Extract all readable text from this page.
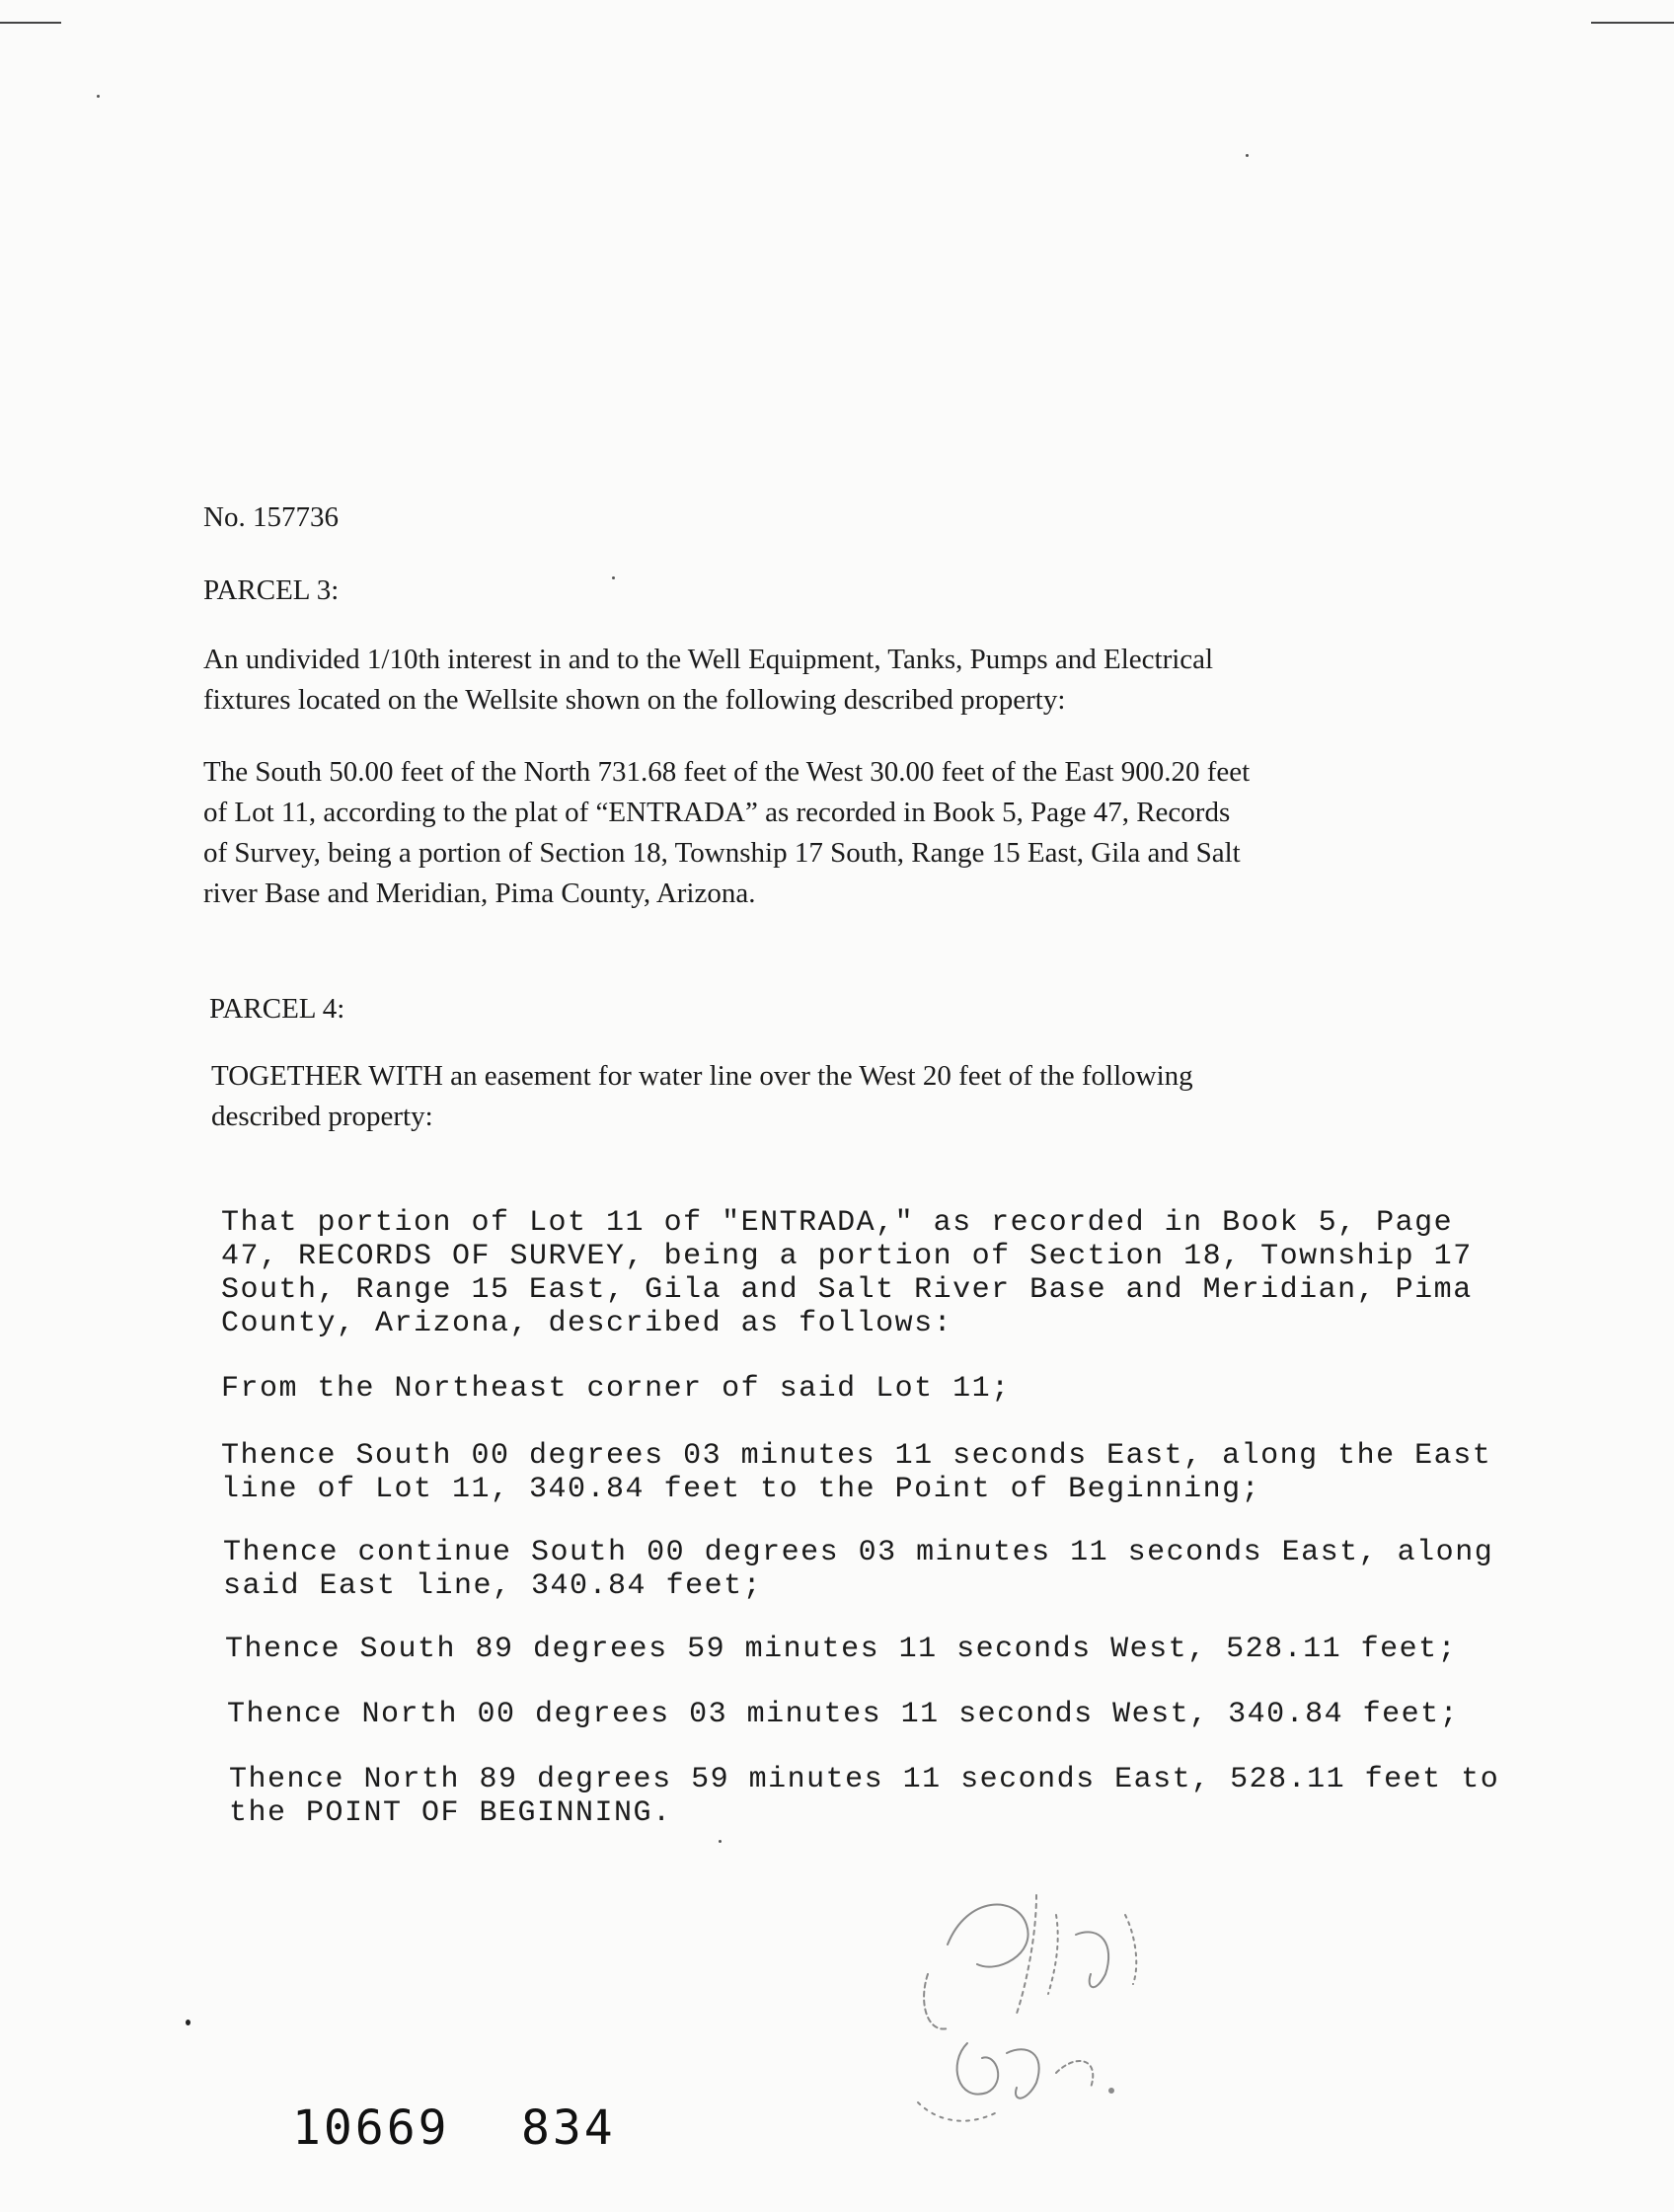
No. 157736
PARCEL 3:
An undivided 1/10th interest in and to the Well Equipment, Tanks, Pumps and Electrical
fixtures located on the Wellsite shown on the following described property:
The South 50.00 feet of the North 731.68 feet of the West 30.00 feet of the East 900.20 feet
of Lot 11, according to the plat of “ENTRADA” as recorded in Book 5, Page 47, Records
of Survey, being a portion of Section 18, Township 17 South, Range 15 East, Gila and Salt
river Base and Meridian, Pima County, Arizona.
PARCEL 4:
TOGETHER WITH an easement for water line over the West 20 feet of the following
described property:
That portion of Lot 11 of "ENTRADA," as recorded in Book 5, Page
47, RECORDS OF SURVEY, being a portion of Section 18, Township 17
South, Range 15 East, Gila and Salt River Base and Meridian, Pima
County, Arizona, described as follows:
From the Northeast corner of said Lot 11;
Thence South 00 degrees 03 minutes 11 seconds East, along the East
line of Lot 11, 340.84 feet to the Point of Beginning;
Thence continue South 00 degrees 03 minutes 11 seconds East, along
said East line, 340.84 feet;
Thence South 89 degrees 59 minutes 11 seconds West, 528.11 feet;
Thence North 00 degrees 03 minutes 11 seconds West, 340.84 feet;
Thence North 89 degrees 59 minutes 11 seconds East, 528.11 feet to
the POINT OF BEGINNING.
10669 834
